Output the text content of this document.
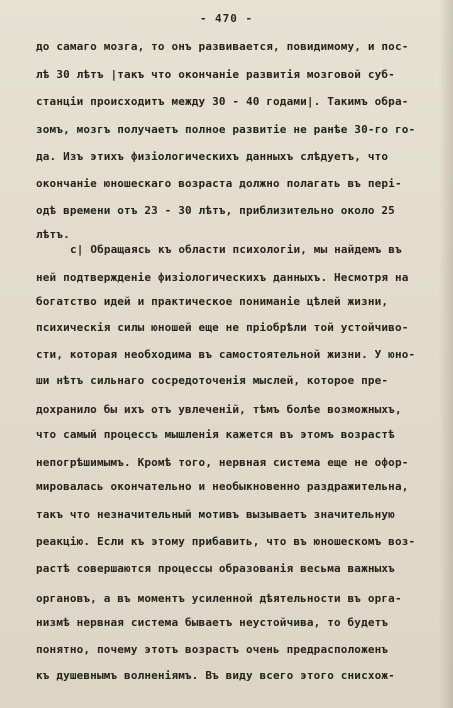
- 470 -
до самаго мозга, то онъ развивается, повидимому, и пос-
лѣ 30 лѣтъ |такъ что окончаніе развитія мозговой суб-
станціи происходитъ между 30 - 40 годами|. Такимъ обра-
зомъ, мозгъ получаетъ полное развитіе не ранѣе 30-го го-
да. Изъ этихъ физіологическихъ данныхъ слѣдуетъ, что
окончаніе юношескаго возраста должно полагать въ пері-
одѣ времени отъ 23 - 30 лѣтъ, приблизительно около 25
лѣтъ.
с| Обращаясь къ области психологіи, мы найдемъ въ
ней подтвержденіе физіологическихъ данныхъ. Несмотря на
богатство идей и практическое пониманіе цѣлей жизни,
психическія силы юношей еще не пріобрѣли той устойчиво-
сти, которая необходима въ самостоятельной жизни. У юно-
ши нѣтъ сильнаго сосредоточенія мыслей, которое пре-
дохранило бы ихъ отъ увлеченій, тѣмъ болѣе возможныхъ,
что самый процессъ мышленія кажется въ этомъ возрастѣ
непогрѣшимымъ. Кромѣ того, нервная система еще не офор-
мировалась окончательно и необыкновенно раздражительна,
такъ что незначительный мотивъ вызываетъ значительную
реакцію. Если къ этому прибавить, что въ юношескомъ воз-
растѣ совершаются процессы образованія весьма важныхъ
органовъ, а въ моментъ усиленной дѣятельности въ орга-
низмѣ нервная система бываетъ неустойчива, то будетъ
понятно, почему этотъ возрастъ очень предрасположенъ
къ душевнымъ волненіямъ. Въ виду всего этого снисхож-
